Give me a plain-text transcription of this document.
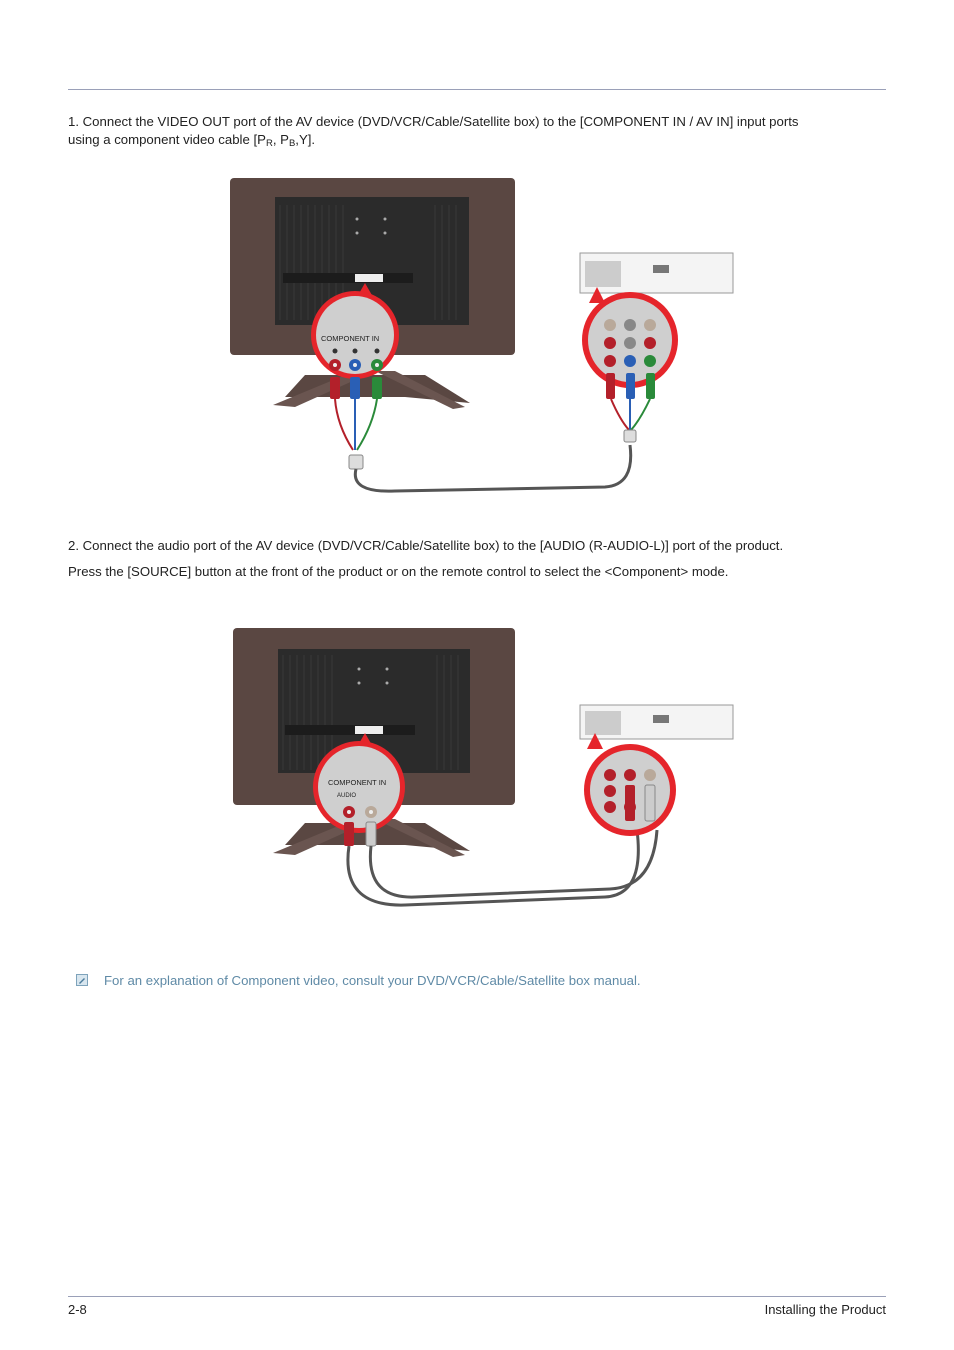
1. Connect the VIDEO OUT port of the AV device (DVD/VCR/Cable/Satellite box) to the [COMPONENT IN / AV IN] input ports
using a component video cable [$P_R$, $P_B,Y$].
COMPONENT IN
2. Connect the audio port of the AV device (DVD/VCR/Cable/Satellite box) to the [AUDIO (R-AUDIO-L)] port of the product.
Press the [SOURCE] button at the front of the product or on the remote control to select the <Component> mode.
COMPONENT IN
AUDIO
For an explanation of Component video, consult your DVD/VCR/Cable/Satellite box manual.
2-8	Installing the Product
